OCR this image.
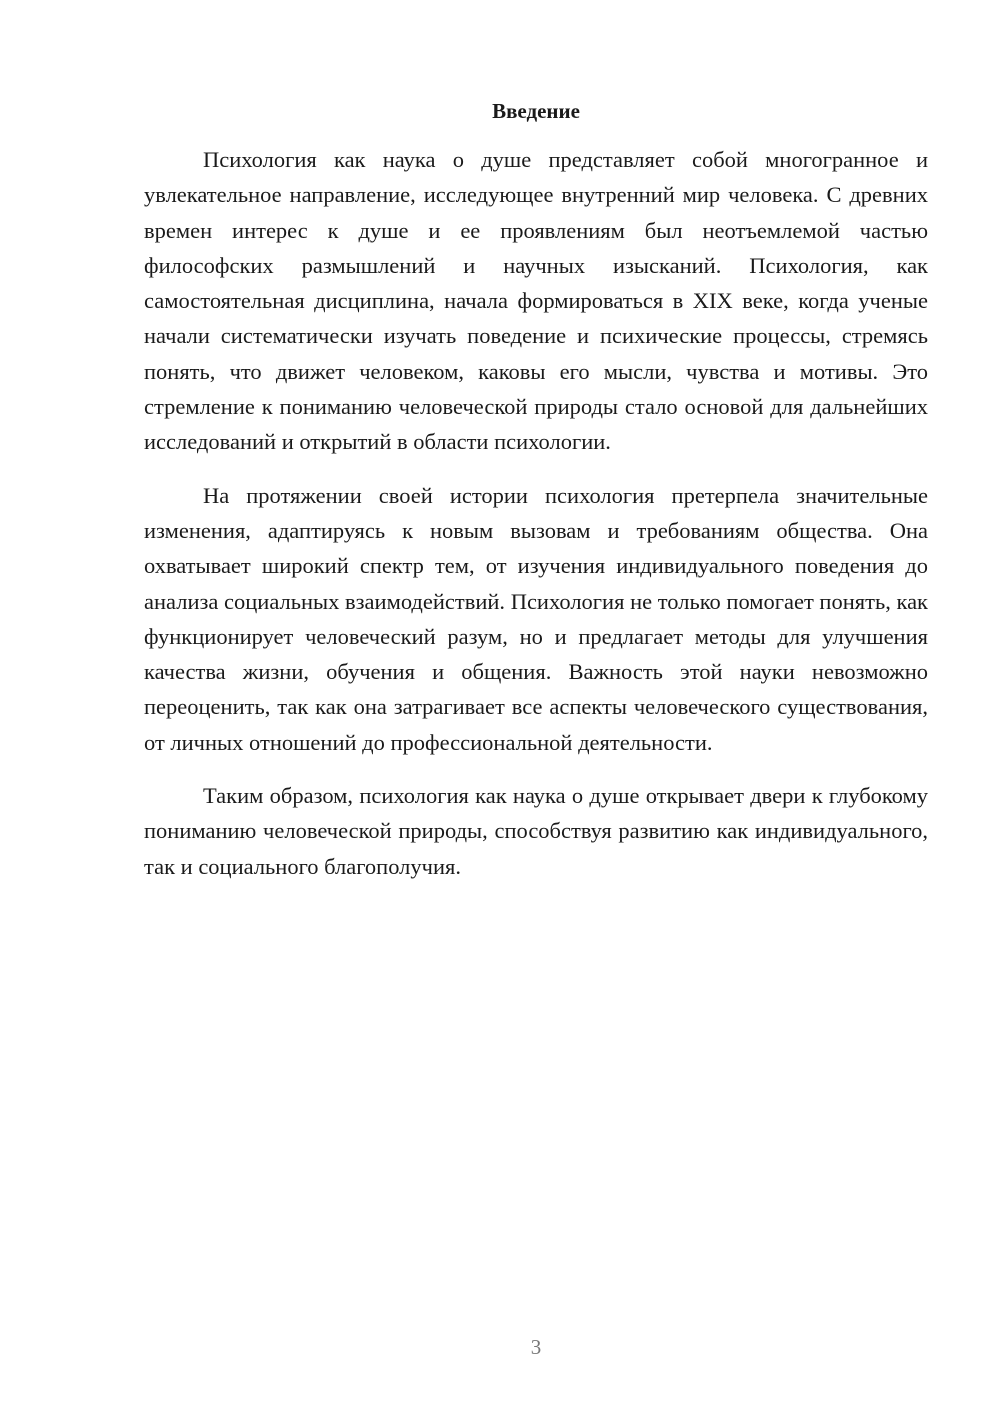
Введение

Психология как наука о душе представляет собой многогранное и увлекательное направление, исследующее внутренний мир человека. С древних времен интерес к душе и ее проявлениям был неотъемлемой частью философских размышлений и научных изысканий. Психология, как самостоятельная дисциплина, начала формироваться в XIX веке, когда ученые начали систематически изучать поведение и психические процессы, стремясь понять, что движет человеком, каковы его мысли, чувства и мотивы. Это стремление к пониманию человеческой природы стало основой для дальнейших исследований и открытий в области психологии.

На протяжении своей истории психология претерпела значительные изменения, адаптируясь к новым вызовам и требованиям общества. Она охватывает широкий спектр тем, от изучения индивидуального поведения до анализа социальных взаимодействий. Психология не только помогает понять, как функционирует человеческий разум, но и предлагает методы для улучшения качества жизни, обучения и общения. Важность этой науки невозможно переоценить, так как она затрагивает все аспекты человеческого существования, от личных отношений до профессиональной деятельности.

Таким образом, психология как наука о душе открывает двери к глубокому пониманию человеческой природы, способствуя развитию как индивидуального, так и социального благополучия.

3
